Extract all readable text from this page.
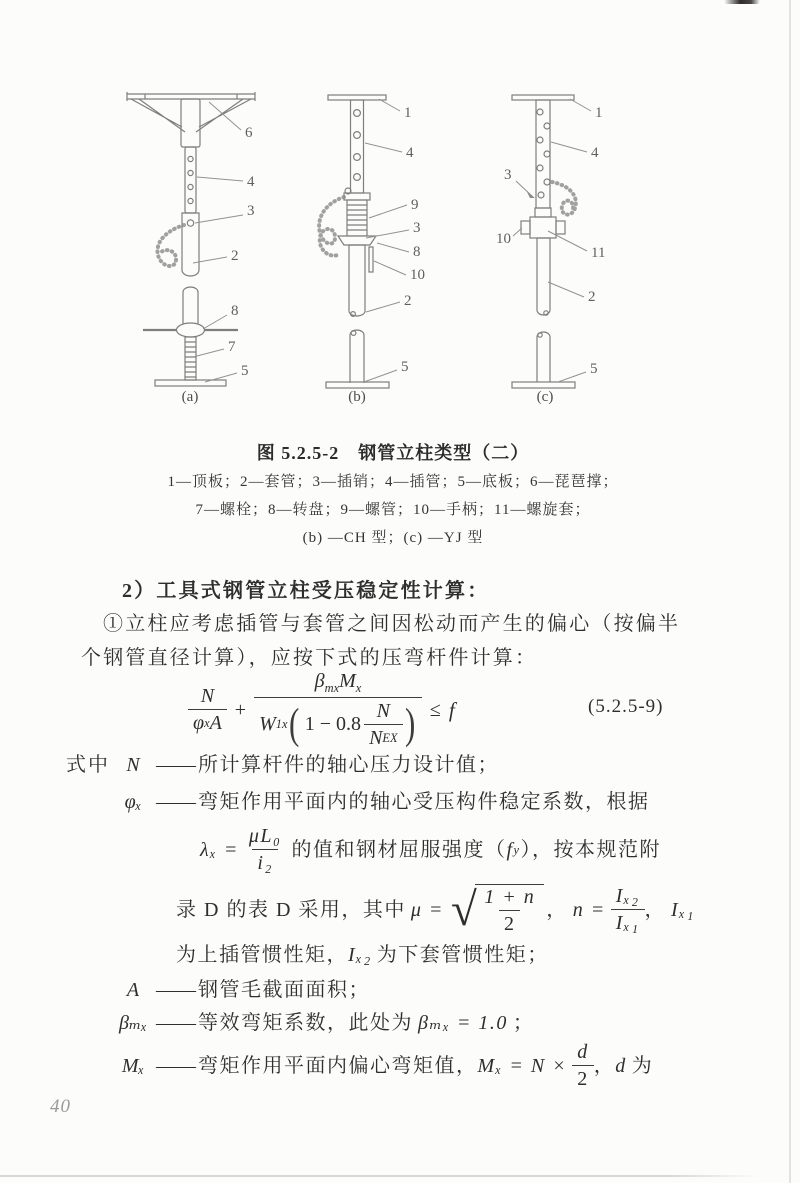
6
4
3
2
8
7
5
(a)
1
4
9
3
8
10
2
5
(b)
1
4
3
10
11
2
5
(c)
图 5.2.5-2　钢管立柱类型（二）
1—顶板；2—套管；3—插销；4—插管；5—底板；6—琵琶撑；
7—螺栓；8—转盘；9—螺管；10—手柄；11—螺旋套；
(b) —CH 型；(c) —YJ 型
2）工具式钢管立柱受压稳定性计算：
①立柱应考虑插管与套管之间因松动而产生的偏心（按偏半
个钢管直径计算），应按下式的压弯杆件计算：
N
φ x A
+
$\beta_{mx}M_x$
W 1x ( 1 − 0.8
N
N EX ) ≤ f	(5.2.5-9)
式中 N —— 所计算杆件的轴心压力设计值；
φₓ —— 弯矩作用平面内的轴心受压构件稳定系数，根据
$\lambda_x = \frac{\text{μL₀}}{\text{i₂}}$ 的值和钢材屈服强度（ f y ），按本规范附
录 D 的表 D 采用，其中 μ = √ $\frac{1 + n}{2}$ ， $n = \frac{\text{Iₓ₂}}{\text{Iₓ₁}}$ ， Iₓ₁
为上插管惯性矩， Iₓ₂ 为下套管惯性矩；
A —— 钢管毛截面面积；
βₘₓ —— 等效弯矩系数，此处为 βₘₓ = 1.0 ；
Mₓ —— 弯矩作用平面内偏心弯矩值， $M_x = N \times \frac{d}{2}$ ， d 为
40
